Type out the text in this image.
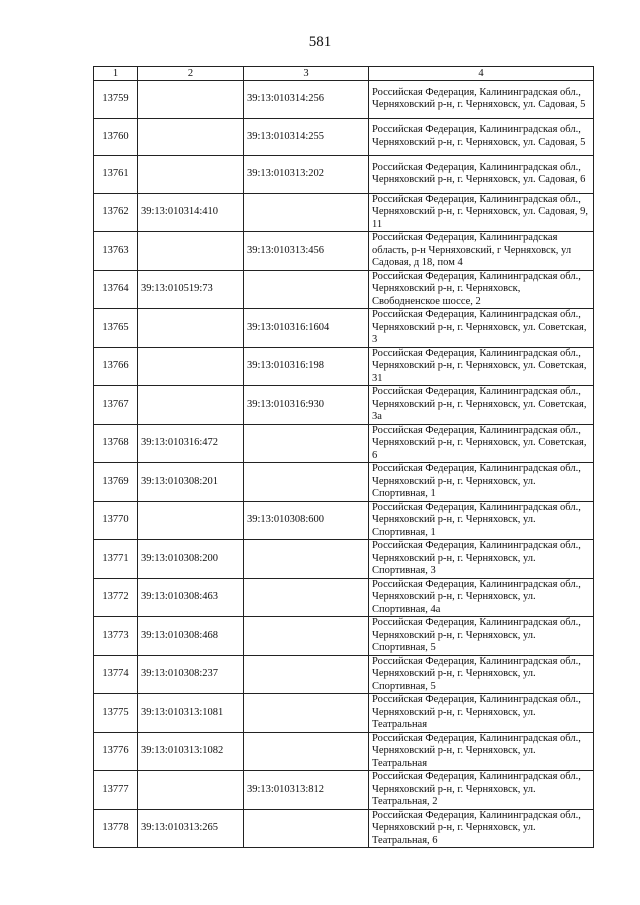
581
1	2	3	4
13759		39:13:010314:256	Российская Федерация, Калининградская обл., Черняховский р-н, г. Черняховск, ул. Садовая, 5
13760		39:13:010314:255	Российская Федерация, Калининградская обл., Черняховский р-н, г. Черняховск, ул. Садовая, 5
13761		39:13:010313:202	Российская Федерация, Калининградская обл., Черняховский р-н, г. Черняховск, ул. Садовая, 6
13762	39:13:010314:410		Российская Федерация, Калининградская обл., Черняховский р-н, г. Черняховск, ул. Садовая, 9, 11
13763		39:13:010313:456	Российская Федерация, Калининградская область, р-н Черняховский, г Черняховск, ул Садовая, д 18, пом 4
13764	39:13:010519:73		Российская Федерация, Калининградская обл., Черняховский р-н, г. Черняховск, Свободненское шоссе, 2
13765		39:13:010316:1604	Российская Федерация, Калининградская обл., Черняховский р-н, г. Черняховск, ул. Советская, 3
13766		39:13:010316:198	Российская Федерация, Калининградская обл., Черняховский р-н, г. Черняховск, ул. Советская, 31
13767		39:13:010316:930	Российская Федерация, Калининградская обл., Черняховский р-н, г. Черняховск, ул. Советская, 3а
13768	39:13:010316:472		Российская Федерация, Калининградская обл., Черняховский р-н, г. Черняховск, ул. Советская, 6
13769	39:13:010308:201		Российская Федерация, Калининградская обл., Черняховский р-н, г. Черняховск, ул. Спортивная, 1
13770		39:13:010308:600	Российская Федерация, Калининградская обл., Черняховский р-н, г. Черняховск, ул. Спортивная, 1
13771	39:13:010308:200		Российская Федерация, Калининградская обл., Черняховский р-н, г. Черняховск, ул. Спортивная, 3
13772	39:13:010308:463		Российская Федерация, Калининградская обл., Черняховский р-н, г. Черняховск, ул. Спортивная, 4а
13773	39:13:010308:468		Российская Федерация, Калининградская обл., Черняховский р-н, г. Черняховск, ул. Спортивная, 5
13774	39:13:010308:237		Российская Федерация, Калининградская обл., Черняховский р-н, г. Черняховск, ул. Спортивная, 5
13775	39:13:010313:1081		Российская Федерация, Калининградская обл., Черняховский р-н, г. Черняховск, ул. Театральная
13776	39:13:010313:1082		Российская Федерация, Калининградская обл., Черняховский р-н, г. Черняховск, ул. Театральная
13777		39:13:010313:812	Российская Федерация, Калининградская обл., Черняховский р-н, г. Черняховск, ул. Театральная, 2
13778	39:13:010313:265		Российская Федерация, Калининградская обл., Черняховский р-н, г. Черняховск, ул. Театральная, 6
